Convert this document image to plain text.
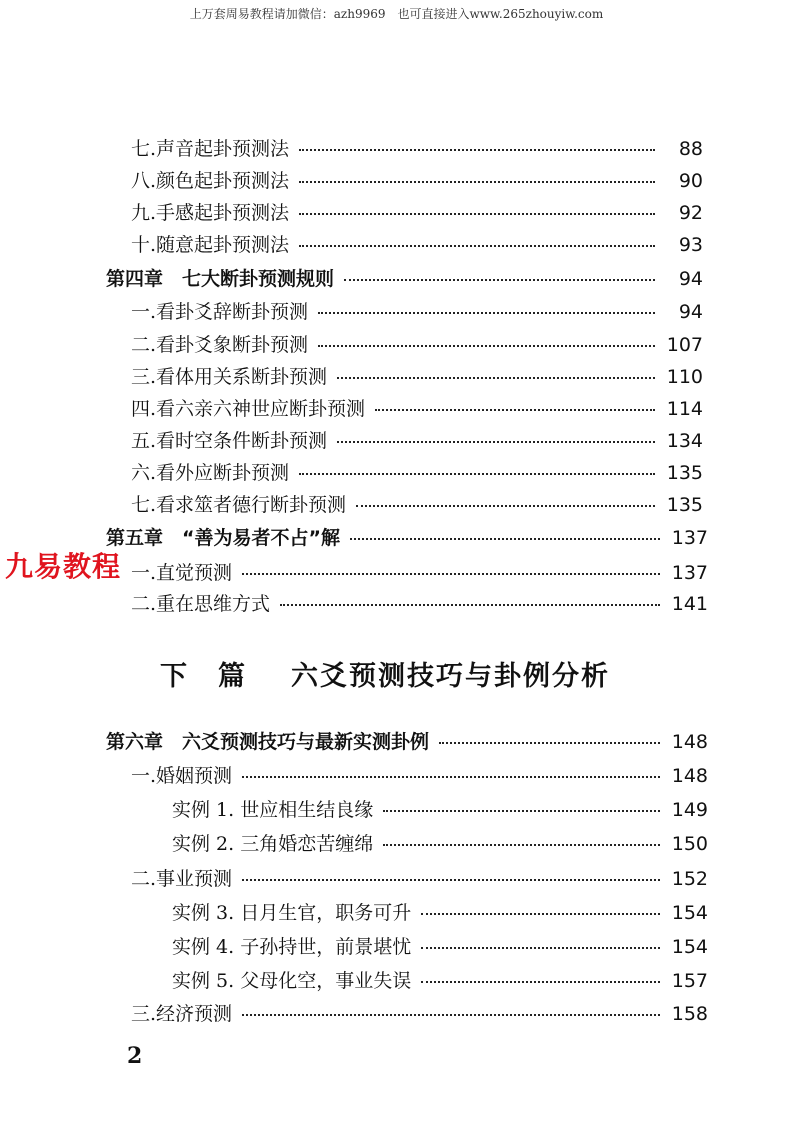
上万套周易教程请加微信：azh9969　也可直接进入www.265zhouyiw.com
九易教程
七.声音起卦预测法	88
八.颜色起卦预测法	90
九.手感起卦预测法	92
十.随意起卦预测法	93
第四章　七大断卦预测规则	94
一.看卦爻辞断卦预测	94
二.看卦爻象断卦预测	107
三.看体用关系断卦预测	110
四.看六亲六神世应断卦预测	114
五.看时空条件断卦预测	134
六.看外应断卦预测	135
七.看求筮者德行断卦预测	135
第五章　“善为易者不占”解	137
一.直觉预测	137
二.重在思维方式	141
下　篇 六爻预测技巧与卦例分析
第六章　六爻预测技巧与最新实测卦例	148
一.婚姻预测	148
实例 1. 世应相生结良缘	149
实例 2. 三角婚恋苦缠绵	150
二.事业预测	152
实例 3. 日月生官，职务可升	154
实例 4. 子孙持世，前景堪忧	154
实例 5. 父母化空，事业失误	157
三.经济预测	158
2
